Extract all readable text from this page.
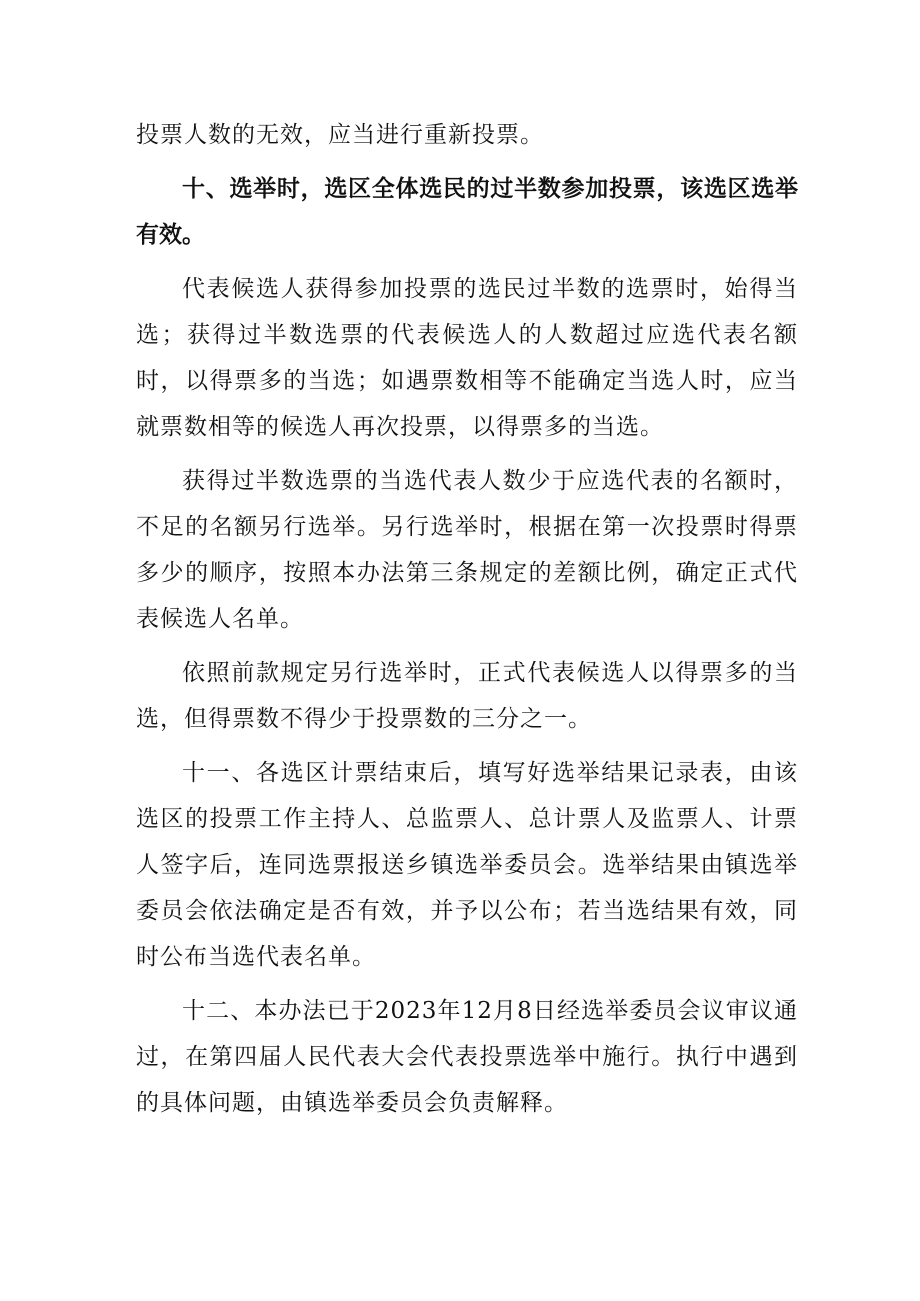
投票人数的无效，应当进行重新投票。

十、选举时，选区全体选民的过半数参加投票，该选区选举有效。

代表候选人获得参加投票的选民过半数的选票时，始得当选；获得过半数选票的代表候选人的人数超过应选代表名额时，以得票多的当选；如遇票数相等不能确定当选人时，应当就票数相等的候选人再次投票，以得票多的当选。

获得过半数选票的当选代表人数少于应选代表的名额时，不足的名额另行选举。另行选举时，根据在第一次投票时得票多少的顺序，按照本办法第三条规定的差额比例，确定正式代表候选人名单。

依照前款规定另行选举时，正式代表候选人以得票多的当选，但得票数不得少于投票数的三分之一。

十一、各选区计票结束后，填写好选举结果记录表，由该选区的投票工作主持人、总监票人、总计票人及监票人、计票人签字后，连同选票报送乡镇选举委员会。选举结果由镇选举委员会依法确定是否有效，并予以公布；若当选结果有效，同时公布当选代表名单。

十二、本办法已于2023年12月8日经选举委员会议审议通过，在第四届人民代表大会代表投票选举中施行。执行中遇到的具体问题，由镇选举委员会负责解释。
